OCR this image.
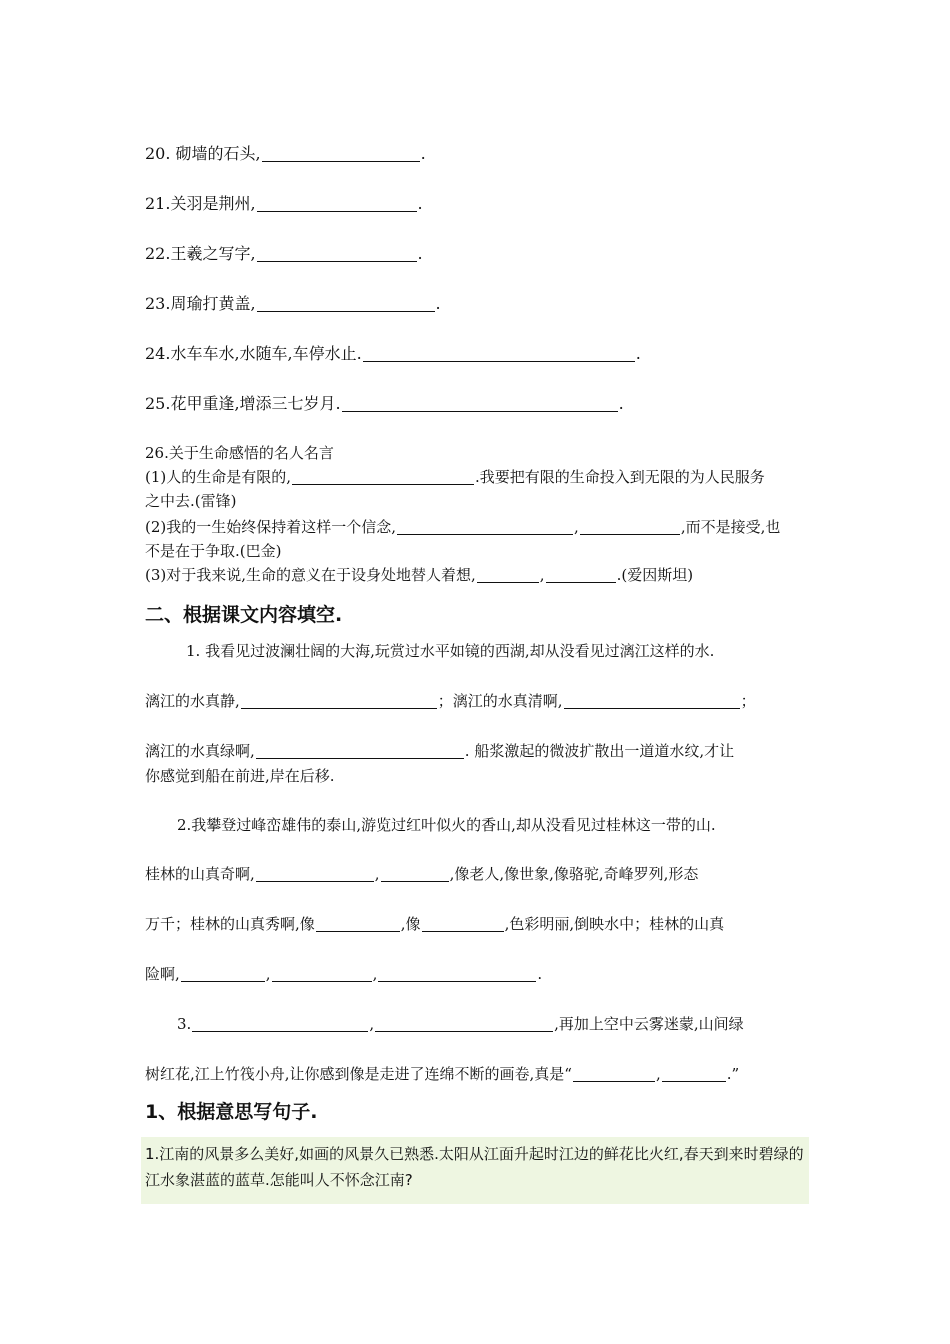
20. 砌墙的石头,	.
21.关羽是荆州,	.
22.王羲之写字,	.
23.周瑜打黄盖,	.
24.水车车水,水随车,车停水止.	.
25.花甲重逢,增添三七岁月.	.
26.关于生命感悟的名人名言
(1)人的生命是有限的,	.我要把有限的生命投入到无限的为人民服务
之中去.(雷锋)
(2)我的一生始终保持着这样一个信念,	,	,而不是接受,也
不是在于争取.(巴金)
(3)对于我来说,生命的意义在于设身处地替人着想,	,	.(爱因斯坦)
二、根据课文内容填空.
1. 我看见过波澜壮阔的大海,玩赏过水平如镜的西湖,却从没看见过漓江这样的水.
漓江的水真静,	；漓江的水真清啊,	；
漓江的水真绿啊,	. 船浆激起的微波扩散出一道道水纹,才让
你感觉到船在前进,岸在后移.
2.我攀登过峰峦雄伟的泰山,游览过红叶似火的香山,却从没看见过桂林这一带的山.
桂林的山真奇啊,	,	,像老人,像世象,像骆驼,奇峰罗列,形态
万千；桂林的山真秀啊,像	,像	,色彩明丽,倒映水中；桂林的山真
险啊,	,	,	.
3.	,	,再加上空中云雾迷蒙,山间绿
树红花,江上竹筏小舟,让你感到像是走进了连绵不断的画卷,真是“	,	.”
1、根据意思写句子.
1.江南的风景多么美好,如画的风景久已熟悉.太阳从江面升起时江边的鲜花比火红,春天到来时碧绿的江水象湛蓝的蓝草.怎能叫人不怀念江南?
